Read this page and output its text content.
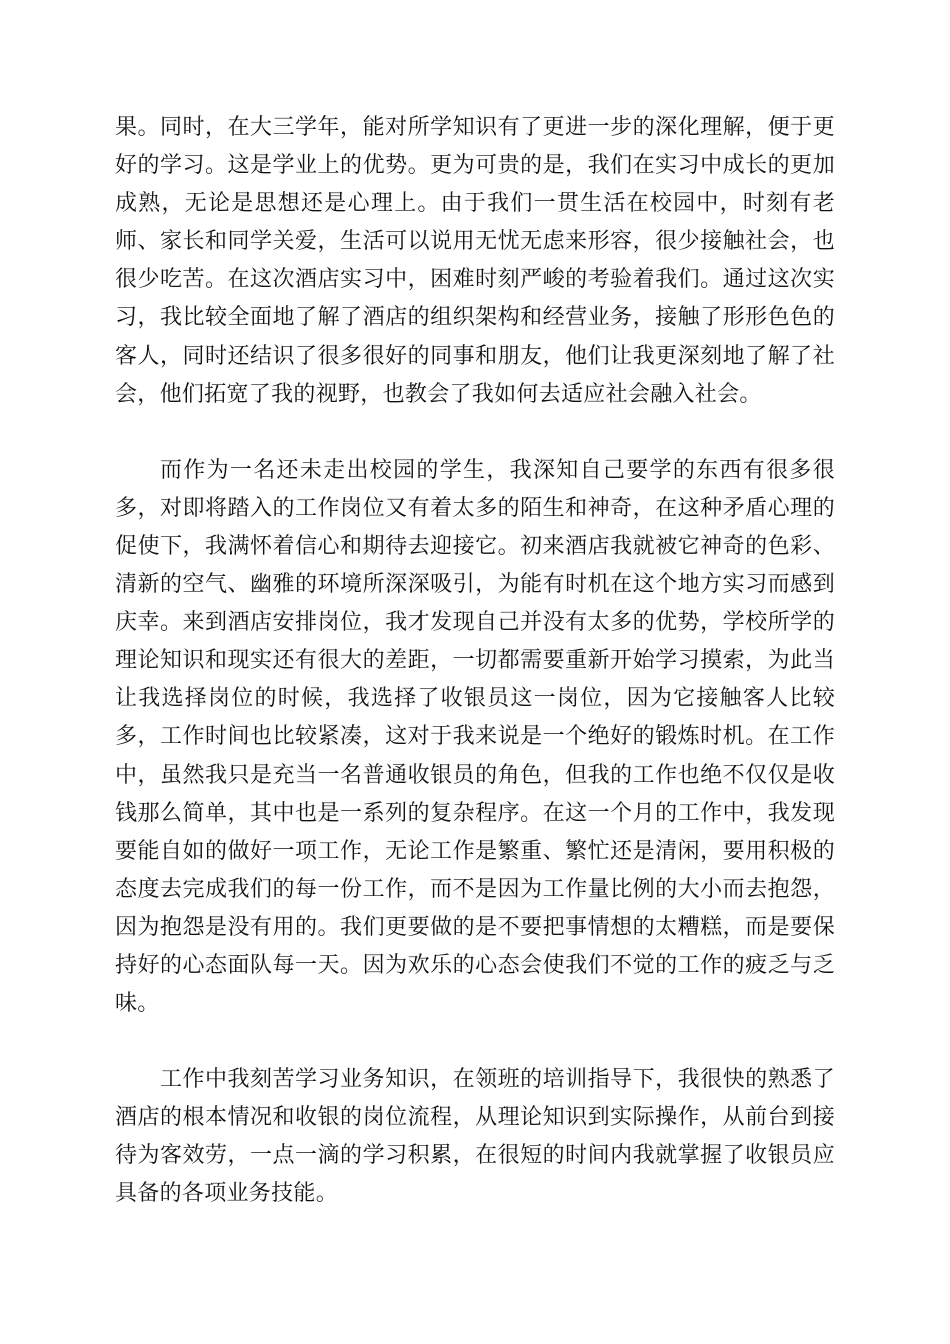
果。同时，在大三学年，能对所学知识有了更进一步的深化理解，便于更好的学习。这是学业上的优势。更为可贵的是，我们在实习中成长的更加成熟，无论是思想还是心理上。由于我们一贯生活在校园中，时刻有老师、家长和同学关爱，生活可以说用无忧无虑来形容，很少接触社会，也很少吃苦。在这次酒店实习中，困难时刻严峻的考验着我们。通过这次实习，我比较全面地了解了酒店的组织架构和经营业务，接触了形形色色的客人，同时还结识了很多很好的同事和朋友，他们让我更深刻地了解了社会，他们拓宽了我的视野，也教会了我如何去适应社会融入社会。

而作为一名还未走出校园的学生，我深知自己要学的东西有很多很多，对即将踏入的工作岗位又有着太多的陌生和神奇，在这种矛盾心理的促使下，我满怀着信心和期待去迎接它。初来酒店我就被它神奇的色彩、清新的空气、幽雅的环境所深深吸引，为能有时机在这个地方实习而感到庆幸。来到酒店安排岗位，我才发现自己并没有太多的优势，学校所学的理论知识和现实还有很大的差距，一切都需要重新开始学习摸索，为此当让我选择岗位的时候，我选择了收银员这一岗位，因为它接触客人比较多，工作时间也比较紧凑，这对于我来说是一个绝好的锻炼时机。在工作中，虽然我只是充当一名普通收银员的角色，但我的工作也绝不仅仅是收钱那么简单，其中也是一系列的复杂程序。在这一个月的工作中，我发现要能自如的做好一项工作，无论工作是繁重、繁忙还是清闲，要用积极的态度去完成我们的每一份工作，而不是因为工作量比例的大小而去抱怨，因为抱怨是没有用的。我们更要做的是不要把事情想的太糟糕，而是要保持好的心态面队每一天。因为欢乐的心态会使我们不觉的工作的疲乏与乏味。

工作中我刻苦学习业务知识，在领班的培训指导下，我很快的熟悉了酒店的根本情况和收银的岗位流程，从理论知识到实际操作，从前台到接待为客效劳，一点一滴的学习积累，在很短的时间内我就掌握了收银员应具备的各项业务技能。
